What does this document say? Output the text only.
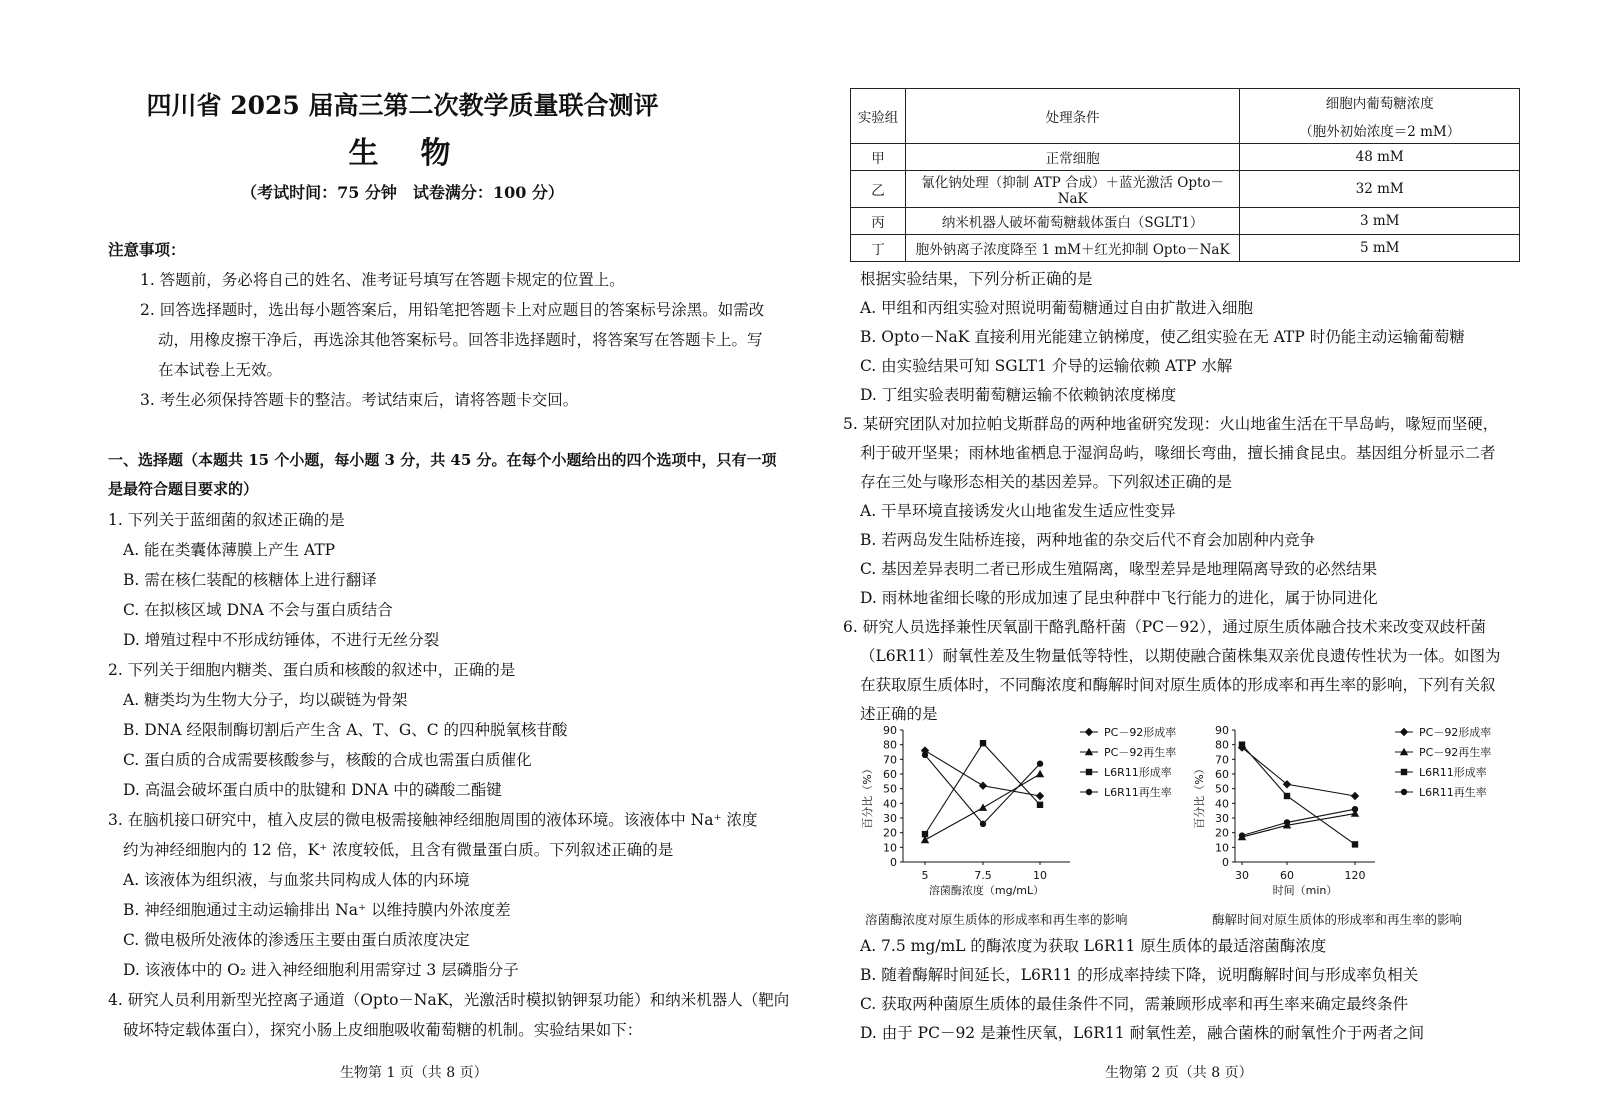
四川省 2025 届高三第二次教学质量联合测评
生　物
（考试时间：75 分钟　试卷满分：100 分）
注意事项：
1. 答题前，务必将自己的姓名、准考证号填写在答题卡规定的位置上。
2. 回答选择题时，选出每小题答案后，用铅笔把答题卡上对应题目的答案标号涂黑。如需改
动，用橡皮擦干净后，再选涂其他答案标号。回答非选择题时，将答案写在答题卡上。写
在本试卷上无效。
3. 考生必须保持答题卡的整洁。考试结束后，请将答题卡交回。
一、选择题（本题共 15 个小题，每小题 3 分，共 45 分。在每个小题给出的四个选项中，只有一项
是最符合题目要求的）
1. 下列关于蓝细菌的叙述正确的是
A. 能在类囊体薄膜上产生 ATP
B. 需在核仁装配的核糖体上进行翻译
C. 在拟核区域 DNA 不会与蛋白质结合
D. 增殖过程中不形成纺锤体，不进行无丝分裂
2. 下列关于细胞内糖类、蛋白质和核酸的叙述中，正确的是
A. 糖类均为生物大分子，均以碳链为骨架
B. DNA 经限制酶切割后产生含 A、T、G、C 的四种脱氧核苷酸
C. 蛋白质的合成需要核酸参与，核酸的合成也需蛋白质催化
D. 高温会破坏蛋白质中的肽键和 DNA 中的磷酸二酯键
3. 在脑机接口研究中，植入皮层的微电极需接触神经细胞周围的液体环境。该液体中 Na⁺ 浓度
约为神经细胞内的 12 倍，K⁺ 浓度较低，且含有微量蛋白质。下列叙述正确的是
A. 该液体为组织液，与血浆共同构成人体的内环境
B. 神经细胞通过主动运输排出 Na⁺ 以维持膜内外浓度差
C. 微电极所处液体的渗透压主要由蛋白质浓度决定
D. 该液体中的 O₂ 进入神经细胞利用需穿过 3 层磷脂分子
4. 研究人员利用新型光控离子通道（Opto－NaK，光激活时模拟钠钾泵功能）和纳米机器人（靶向
破坏特定载体蛋白），探究小肠上皮细胞吸收葡萄糖的机制。实验结果如下：
生物第 1 页（共 8 页）
实验组	处理条件	细胞内葡萄糖浓度
（胞外初始浓度＝2 mM）

甲	正常细胞	48 mM
乙	氰化钠处理（抑制 ATP 合成）＋蓝光激活 Opto－NaK	32 mM
丙	纳米机器人破坏葡萄糖载体蛋白（SGLT1）	3 mM
丁	胞外钠离子浓度降至 1 mM＋红光抑制 Opto－NaK	5 mM
根据实验结果，下列分析正确的是
A. 甲组和丙组实验对照说明葡萄糖通过自由扩散进入细胞
B. Opto－NaK 直接利用光能建立钠梯度，使乙组实验在无 ATP 时仍能主动运输葡萄糖
C. 由实验结果可知 SGLT1 介导的运输依赖 ATP 水解
D. 丁组实验表明葡萄糖运输不依赖钠浓度梯度
5. 某研究团队对加拉帕戈斯群岛的两种地雀研究发现：火山地雀生活在干旱岛屿，喙短而坚硬，
利于破开坚果；雨林地雀栖息于湿润岛屿，喙细长弯曲，擅长捕食昆虫。基因组分析显示二者
存在三处与喙形态相关的基因差异。下列叙述正确的是
A. 干旱环境直接诱发火山地雀发生适应性变异
B. 若两岛发生陆桥连接，两种地雀的杂交后代不育会加剧种内竞争
C. 基因差异表明二者已形成生殖隔离，喙型差异是地理隔离导致的必然结果
D. 雨林地雀细长喙的形成加速了昆虫种群中飞行能力的进化，属于协同进化
6. 研究人员选择兼性厌氧副干酪乳酪杆菌（PC－92），通过原生质体融合技术来改变双歧杆菌
（L6R11）耐氧性差及生物量低等特性，以期使融合菌株集双亲优良遗传性状为一体。如图为
在获取原生质体时，不同酶浓度和酶解时间对原生质体的形成率和再生率的影响，下列有关叙
述正确的是
0
10
20
30
40
50
60
70
80
90
5	7.5	10
溶菌酶浓度（mg/mL）
百分比（%）
PC－92形成率
PC－92再生率
L6R11形成率
L6R11再生率
0
10
20
30
40
50
60
70
80
90
30	60	120
时间（min）
百分比（%）
PC－92形成率
PC－92再生率
L6R11形成率
L6R11再生率
溶菌酶浓度对原生质体的形成率和再生率的影响	酶解时间对原生质体的形成率和再生率的影响
A. 7.5 mg/mL 的酶浓度为获取 L6R11 原生质体的最适溶菌酶浓度
B. 随着酶解时间延长，L6R11 的形成率持续下降，说明酶解时间与形成率负相关
C. 获取两种菌原生质体的最佳条件不同，需兼顾形成率和再生率来确定最终条件
D. 由于 PC－92 是兼性厌氧，L6R11 耐氧性差，融合菌株的耐氧性介于两者之间
生物第 2 页（共 8 页）
